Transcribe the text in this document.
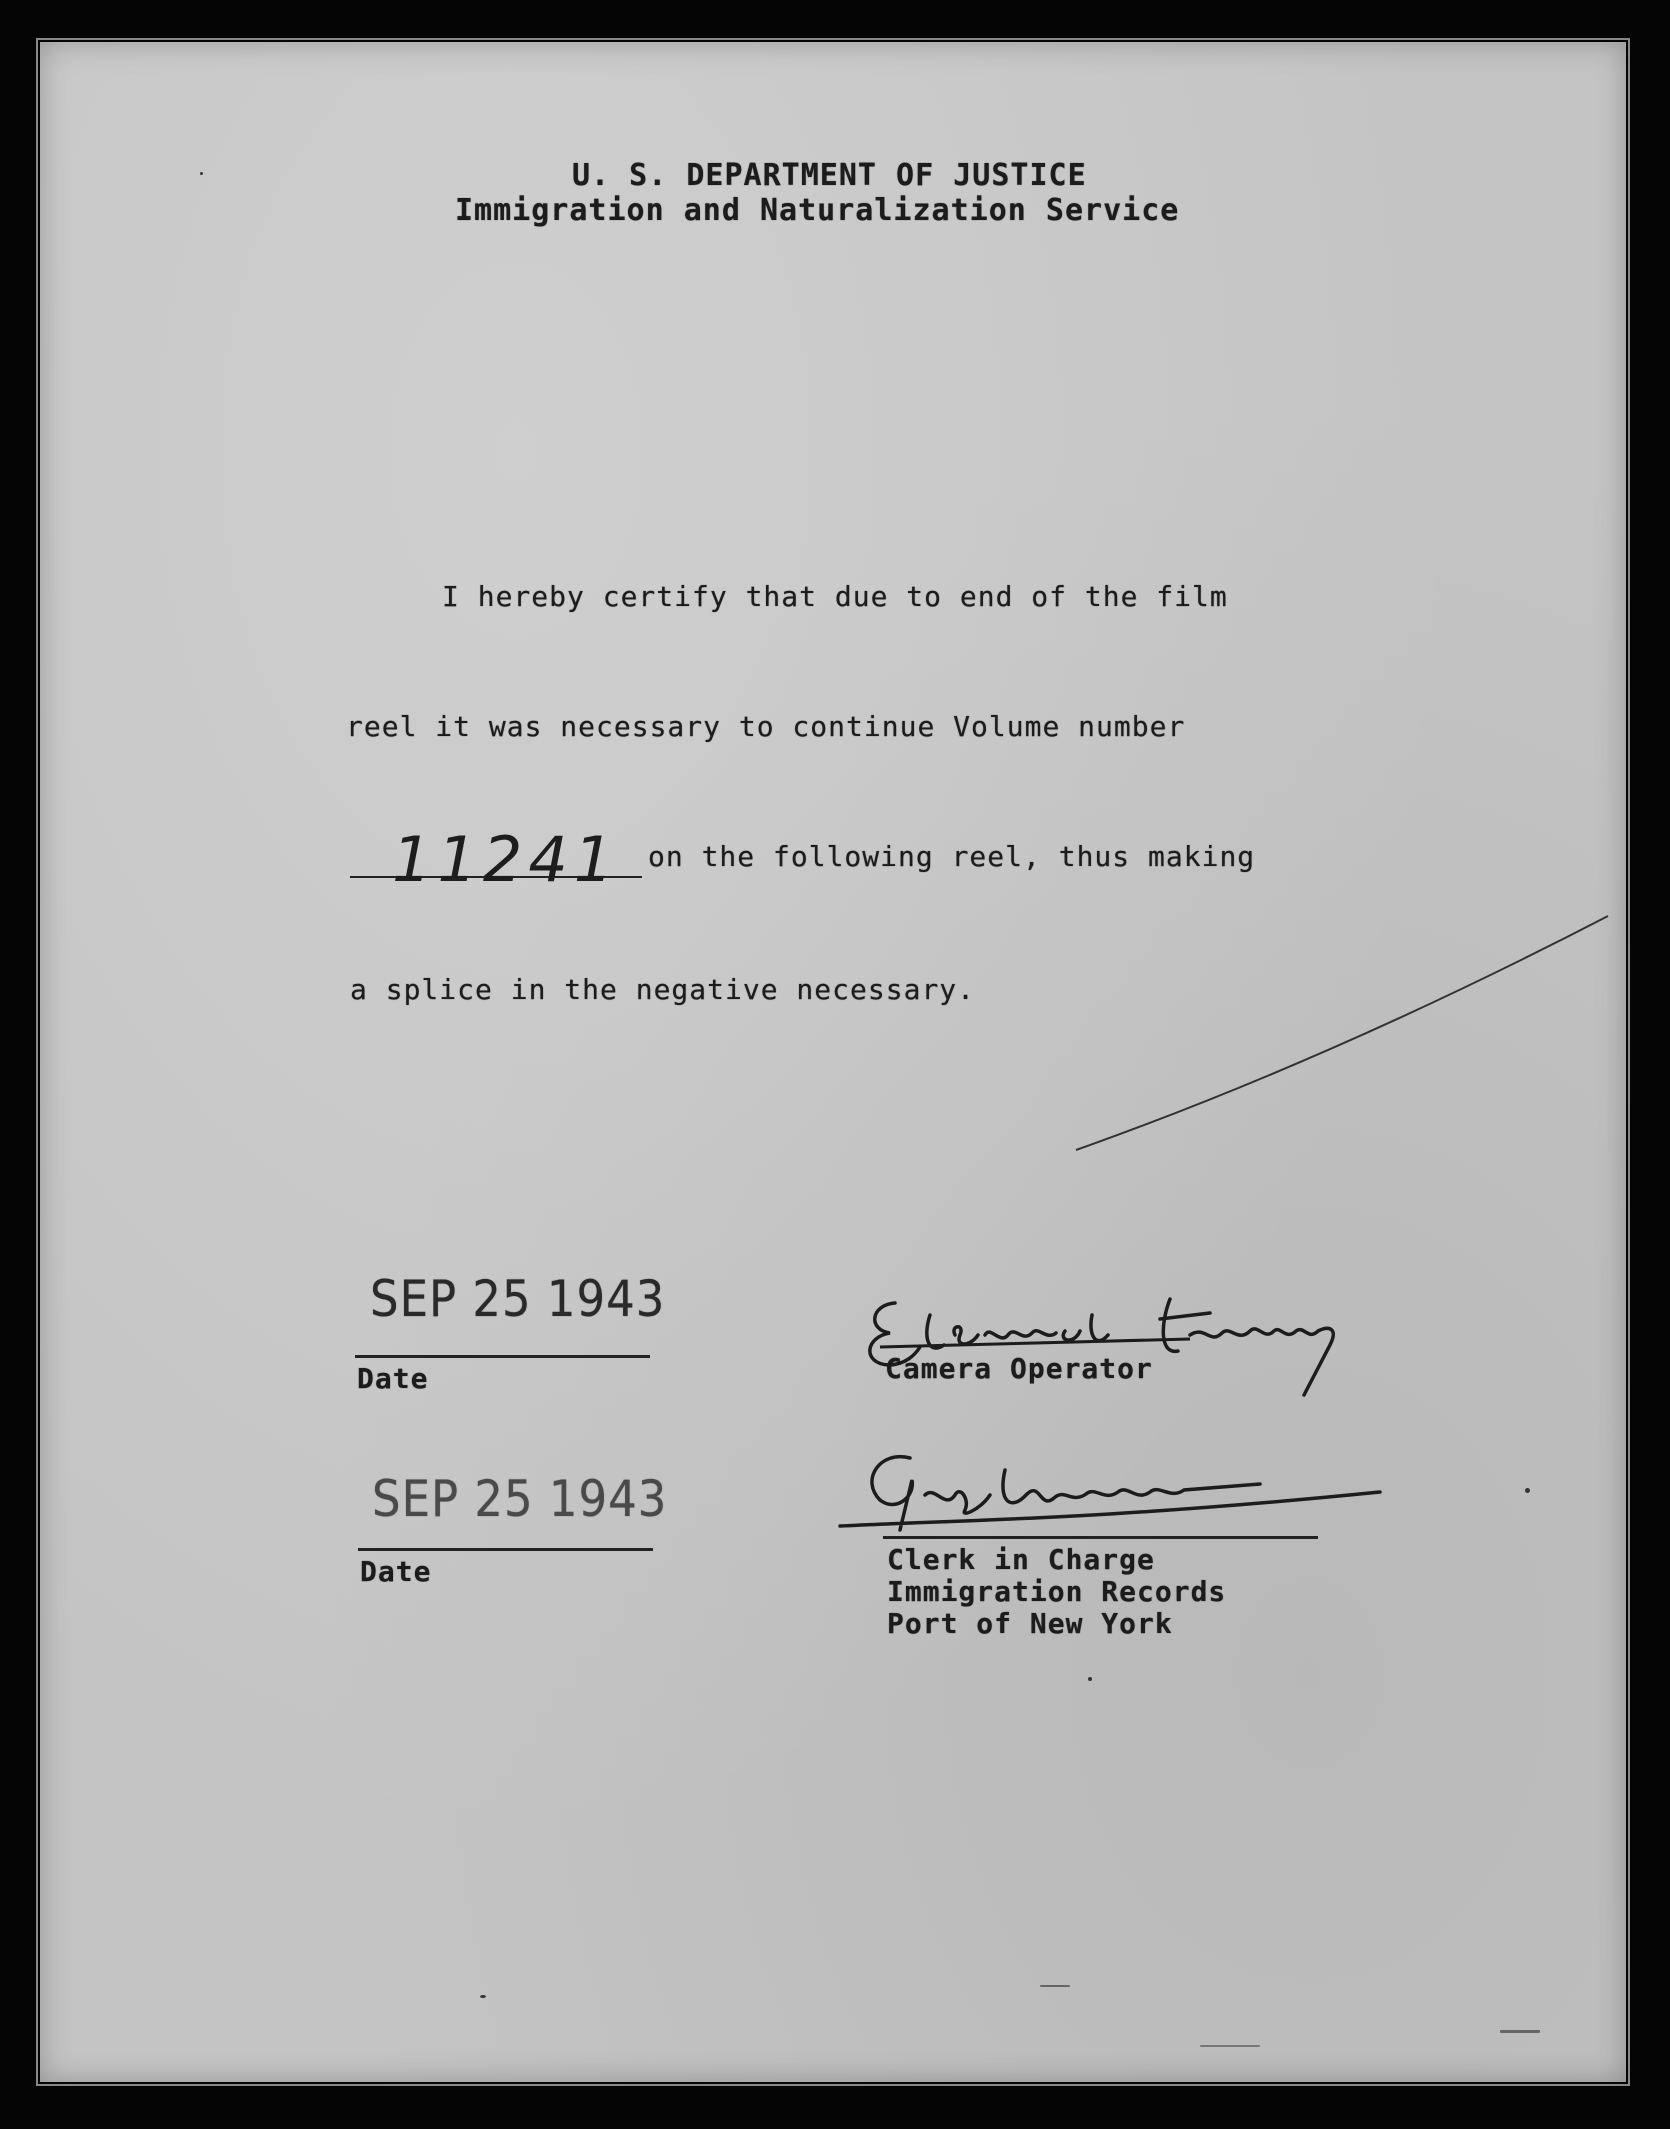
U. S. DEPARTMENT OF JUSTICE
Immigration and Naturalization Service
I hereby certify that due to end of the film
reel it was necessary to continue Volume number
11241 on the following reel, thus making
a splice in the negative necessary.
SEP 25 1943
Date	Camera Operator
SEP 25 1943
Date	Clerk in Charge
Immigration Records
Port of New York
